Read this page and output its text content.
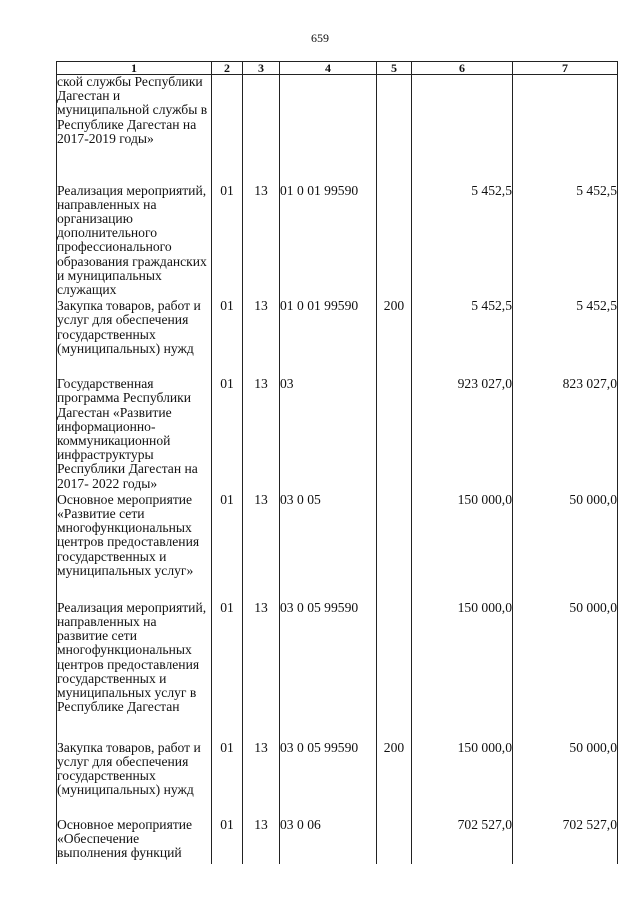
659
1	2	3	4	5	6	7

ской службы Республики Дагестан и муниципальной службы в Республике Дагестан на 2017-2019 годы»						

Реализация мероприятий, направленных на организацию дополнительного профессионального образования гражданских и муниципальных служащих	01	13	01 0 01 99590		5 452,5	5 452,5

Закупка товаров, работ и услуг для обеспечения государственных (муниципальных) нужд	01	13	01 0 01 99590	200	5 452,5	5 452,5

Государственная программа Республики Дагестан «Развитие информационно-коммуникационной инфраструктуры Республики Дагестан на 2017- 2022 годы»	01	13	03		923 027,0	823 027,0

Основное мероприятие «Развитие сети многофункциональных центров предоставления государственных и муниципальных услуг»	01	13	03 0 05		150 000,0	50 000,0

Реализация мероприятий, направленных на развитие сети многофункциональных центров предоставления государственных и муниципальных услуг в Республике Дагестан	01	13	03 0 05 99590		150 000,0	50 000,0

Закупка товаров, работ и услуг для обеспечения государственных (муниципальных) нужд	01	13	03 0 05 99590	200	150 000,0	50 000,0

Основное мероприятие «Обеспечение выполнения функций	01	13	03 0 06		702 527,0	702 527,0
